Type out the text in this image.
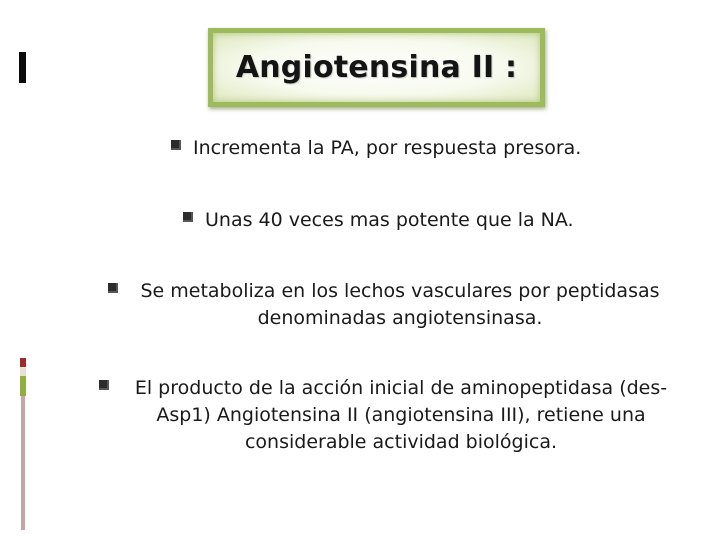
Angiotensina II :
Incrementa la PA, por respuesta presora.
Unas 40 veces mas potente que la NA.
Se metaboliza en los lechos vasculares por peptidasas
denominadas angiotensinasa.
El producto de la acción inicial de aminopeptidasa (des-
Asp1) Angiotensina II (angiotensina III), retiene una
considerable actividad biológica.
